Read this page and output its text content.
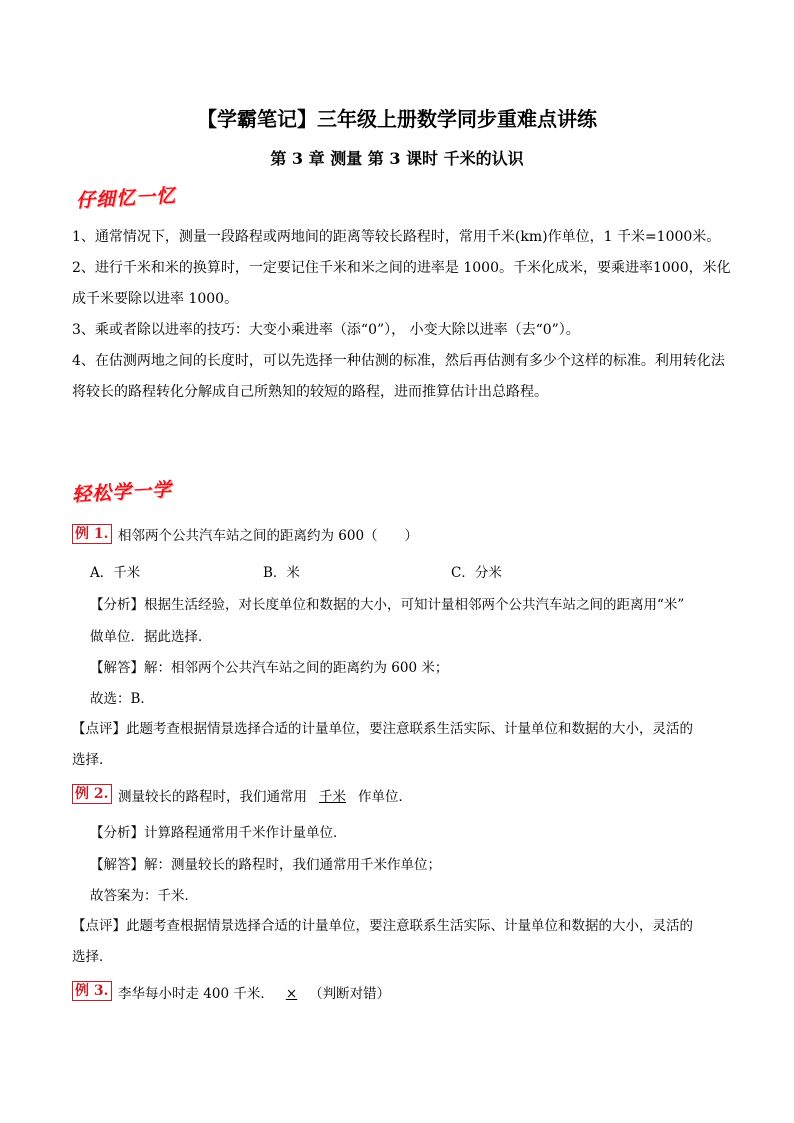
【学霸笔记】三年级上册数学同步重难点讲练
第 3 章 测量 第 3 课时 千米的认识
仔细忆一忆

1、通常情况下，测量一段路程或两地间的距离等较长路程时，常用千米(km)作单位，1 千米=1000米。

2、进行千米和米的换算时，一定要记住千米和米之间的进率是 1000。千米化成米，要乘进率1000，米化成千米要除以进率 1000。

3、乘或者除以进率的技巧：大变小乘进率（添“0”）， 小变大除以进率（去“0”）。

4、在估测两地之间的长度时，可以先选择一种估测的标准，然后再估测有多少个这样的标准。利用转化法将较长的路程转化分解成自己所熟知的较短的路程，进而推算估计出总路程。

轻松学一学
例 1. 相邻两个公共汽车站之间的距离约为 600（　　）
A．千米	B．米	C．分米
【分析】根据生活经验，对长度单位和数据的大小，可知计量相邻两个公共汽车站之间的距离用“米”
做单位．据此选择．
【解答】解：相邻两个公共汽车站之间的距离约为 600 米；
故选：B．
【点评】此题考查根据情景选择合适的计量单位，要注意联系生活实际、计量单位和数据的大小，灵活的
选择．
例 2. 测量较长的路程时，我们通常用 千米 作单位．
【分析】计算路程通常用千米作计量单位．
【解答】解：测量较长的路程时，我们通常用千米作单位；
故答案为：千米．
【点评】此题考查根据情景选择合适的计量单位，要注意联系生活实际、计量单位和数据的大小，灵活的
选择．
例 3. 李华每小时走 400 千米． × （判断对错）
